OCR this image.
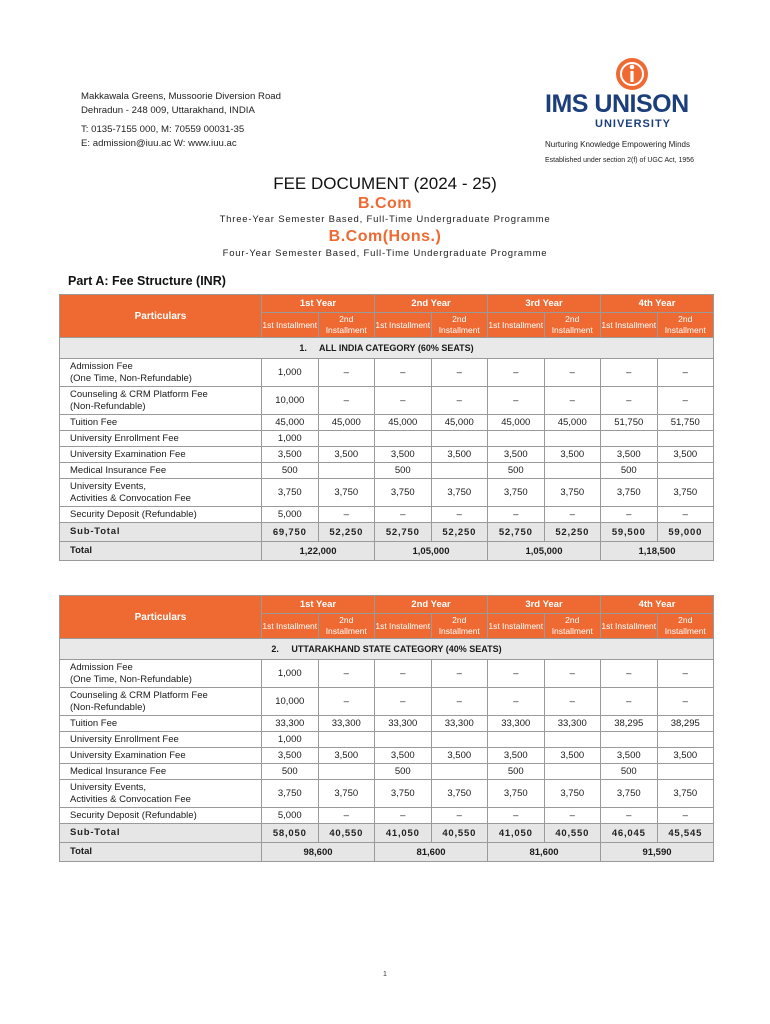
Makkawala Greens, Mussoorie Diversion Road
Dehradun - 248 009, Uttarakhand, INDIA
T: 0135-7155 000, M: 70559 00031-35
E: admission@iuu.ac W: www.iuu.ac
IMS UNISON
UNIVERSITY
Nurturing Knowledge Empowering Minds
Established under section 2(f) of UGC Act, 1956
FEE DOCUMENT (2024 - 25)
B.Com
Three-Year Semester Based, Full-Time Undergraduate Programme
B.Com(Hons.)
Four-Year Semester Based, Full-Time Undergraduate Programme
Part A: Fee Structure (INR)
Particulars	1st Year		2nd Year		3rd Year		4th Year	
	1st Installment	2nd Installment	1st Installment	2nd Installment	1st Installment	2nd Installment	1st Installment	2nd Installment
1. ALL INDIA CATEGORY (60% SEATS)								

Admission Fee
(One Time, Non-Refundable)	1,000	–	–	–	–	–	–	–

Counseling & CRM Platform Fee
(Non-Refundable)	10,000	–	–	–	–	–	–	–

Tuition Fee	45,000	45,000	45,000	45,000	45,000	45,000	51,750	51,750

University Enrollment Fee	1,000							

University Examination Fee	3,500	3,500	3,500	3,500	3,500	3,500	3,500	3,500

Medical Insurance Fee	500		500		500		500	

University Events,
Activities & Convocation Fee	3,750	3,750	3,750	3,750	3,750	3,750	3,750	3,750

Security Deposit (Refundable)	5,000	–	–	–	–	–	–	–
Sub-Total	69,750	52,250	52,750	52,250	52,750	52,250	59,500	59,000
Total	1,22,000		1,05,000		1,05,000		1,18,500	
Particulars	1st Year		2nd Year		3rd Year		4th Year	
	1st Installment	2nd Installment	1st Installment	2nd Installment	1st Installment	2nd Installment	1st Installment	2nd Installment
2. UTTARAKHAND STATE CATEGORY (40% SEATS)								

Admission Fee
(One Time, Non-Refundable)	1,000	–	–	–	–	–	–	–

Counseling & CRM Platform Fee
(Non-Refundable)	10,000	–	–	–	–	–	–	–

Tuition Fee	33,300	33,300	33,300	33,300	33,300	33,300	38,295	38,295

University Enrollment Fee	1,000							

University Examination Fee	3,500	3,500	3,500	3,500	3,500	3,500	3,500	3,500

Medical Insurance Fee	500		500		500		500	

University Events,
Activities & Convocation Fee	3,750	3,750	3,750	3,750	3,750	3,750	3,750	3,750

Security Deposit (Refundable)	5,000	–	–	–	–	–	–	–
Sub-Total	58,050	40,550	41,050	40,550	41,050	40,550	46,045	45,545
Total	98,600		81,600		81,600		91,590	
1
